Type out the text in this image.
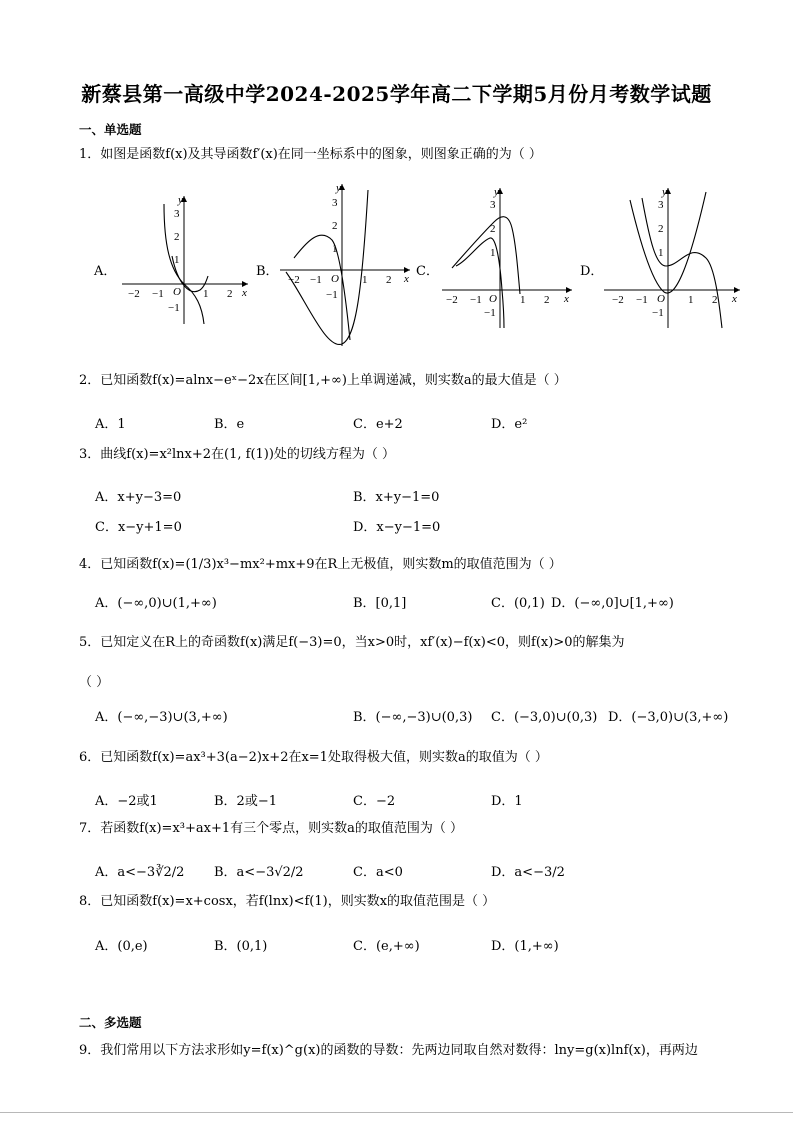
新蔡县第一高级中学2024-2025学年高二下学期5月份月考数学试题
一、单选题
1．如图是函数f(x)及其导函数f′(x)在同一坐标系中的图象，则图象正确的为（ ）
A．	B．	C．	D．
y
x
O
−2 −1	1 2
3
2
1
−1
y
x
O
−2 −1	1 2
3
2
1
−1
y
x
O
−2 −1	1 2
3
2
1
−1
y
x
O
−2 −1	1 2
3
2
1
−1
2．已知函数f(x)=alnx−eˣ−2x在区间[1,+∞)上单调递减，则实数a的最大值是（ ）
A．1	B．e	C．e+2	D．e²
3．曲线f(x)=x²lnx+2在(1, f(1))处的切线方程为（ ）
A．x+y−3=0	B．x+y−1=0
C．x−y+1=0	D．x−y−1=0
4．已知函数f(x)=(1/3)x³−mx²+mx+9在R上无极值，则实数m的取值范围为（ ）
A．(−∞,0)∪(1,+∞)	B．[0,1]	C．(0,1) D．(−∞,0]∪[1,+∞)
5．已知定义在R上的奇函数f(x)满足f(−3)=0，当x>0时，xf′(x)−f(x)<0，则f(x)>0的解集为
（ ）
A．(−∞,−3)∪(3,+∞)	B．(−∞,−3)∪(0,3) C．(−3,0)∪(0,3) D．(−3,0)∪(3,+∞)
6．已知函数f(x)=ax³+3(a−2)x+2在x=1处取得极大值，则实数a的取值为（ ）
A．−2或1	B．2或−1	C．−2	D．1
7．若函数f(x)=x³+ax+1有三个零点，则实数a的取值范围为（ ）
A．a<−3∛2/2 B．a<−3√2/2	C．a<0	D．a<−3/2
8．已知函数f(x)=x+cosx，若f(lnx)<f(1)，则实数x的取值范围是（ ）
A．(0,e)	B．(0,1)	C．(e,+∞)	D．(1,+∞)
二、多选题
9．我们常用以下方法求形如y=f(x)^g(x)的函数的导数：先两边同取自然对数得：lny=g(x)lnf(x)，再两边
